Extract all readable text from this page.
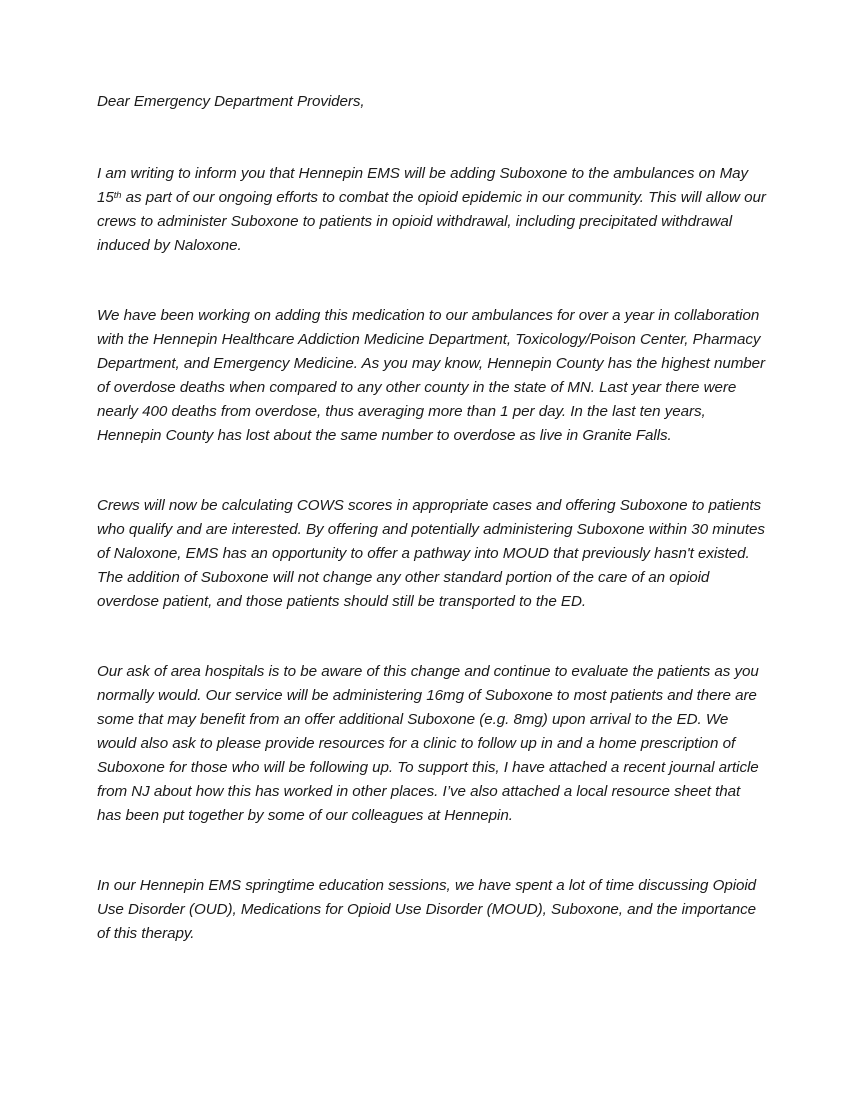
Dear Emergency Department Providers,

I am writing to inform you that Hennepin EMS will be adding Suboxone to the ambulances on May 15th as part of our ongoing efforts to combat the opioid epidemic in our community. This will allow our crews to administer Suboxone to patients in opioid withdrawal, including precipitated withdrawal induced by Naloxone.

We have been working on adding this medication to our ambulances for over a year in collaboration with the Hennepin Healthcare Addiction Medicine Department, Toxicology/Poison Center, Pharmacy Department, and Emergency Medicine. As you may know, Hennepin County has the highest number of overdose deaths when compared to any other county in the state of MN. Last year there were nearly 400 deaths from overdose, thus averaging more than 1 per day. In the last ten years, Hennepin County has lost about the same number to overdose as live in Granite Falls.

Crews will now be calculating COWS scores in appropriate cases and offering Suboxone to patients who qualify and are interested. By offering and potentially administering Suboxone within 30 minutes of Naloxone, EMS has an opportunity to offer a pathway into MOUD that previously hasn't existed. The addition of Suboxone will not change any other standard portion of the care of an opioid overdose patient, and those patients should still be transported to the ED.

Our ask of area hospitals is to be aware of this change and continue to evaluate the patients as you normally would. Our service will be administering 16mg of Suboxone to most patients and there are some that may benefit from an offer additional Suboxone (e.g. 8mg) upon arrival to the ED. We would also ask to please provide resources for a clinic to follow up in and a home prescription of Suboxone for those who will be following up. To support this, I have attached a recent journal article from NJ about how this has worked in other places. I’ve also attached a local resource sheet that has been put together by some of our colleagues at Hennepin.

In our Hennepin EMS springtime education sessions, we have spent a lot of time discussing Opioid Use Disorder (OUD), Medications for Opioid Use Disorder (MOUD), Suboxone, and the importance of this therapy.
